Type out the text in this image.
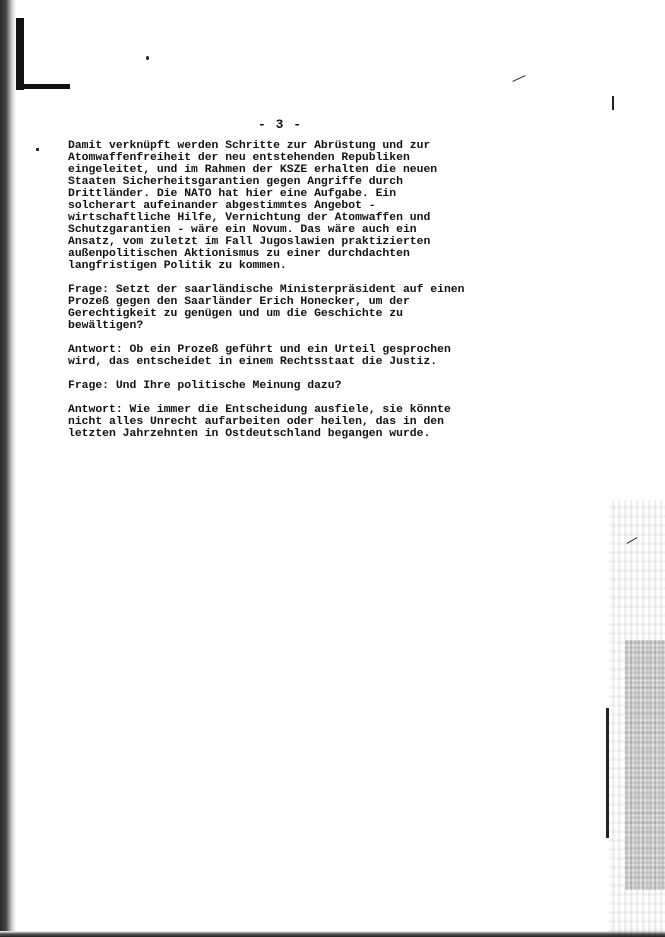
- 3 -
Damit verknüpft werden Schritte zur Abrüstung und zur
Atomwaffenfreiheit der neu entstehenden Republiken
eingeleitet, und im Rahmen der KSZE erhalten die neuen
Staaten Sicherheitsgarantien gegen Angriffe durch
Drittländer. Die NATO hat hier eine Aufgabe. Ein
solcherart aufeinander abgestimmtes Angebot -
wirtschaftliche Hilfe, Vernichtung der Atomwaffen und
Schutzgarantien - wäre ein Novum. Das wäre auch ein
Ansatz, vom zuletzt im Fall Jugoslawien praktizierten
außenpolitischen Aktionismus zu einer durchdachten
langfristigen Politik zu kommen.
Frage: Setzt der saarländische Ministerpräsident auf einen
Prozeß gegen den Saarländer Erich Honecker, um der
Gerechtigkeit zu genügen und um die Geschichte zu
bewältigen?
Antwort: Ob ein Prozeß geführt und ein Urteil gesprochen
wird, das entscheidet in einem Rechtsstaat die Justiz.
Frage: Und Ihre politische Meinung dazu?
Antwort: Wie immer die Entscheidung ausfiele, sie könnte
nicht alles Unrecht aufarbeiten oder heilen, das in den
letzten Jahrzehnten in Ostdeutschland begangen wurde.
